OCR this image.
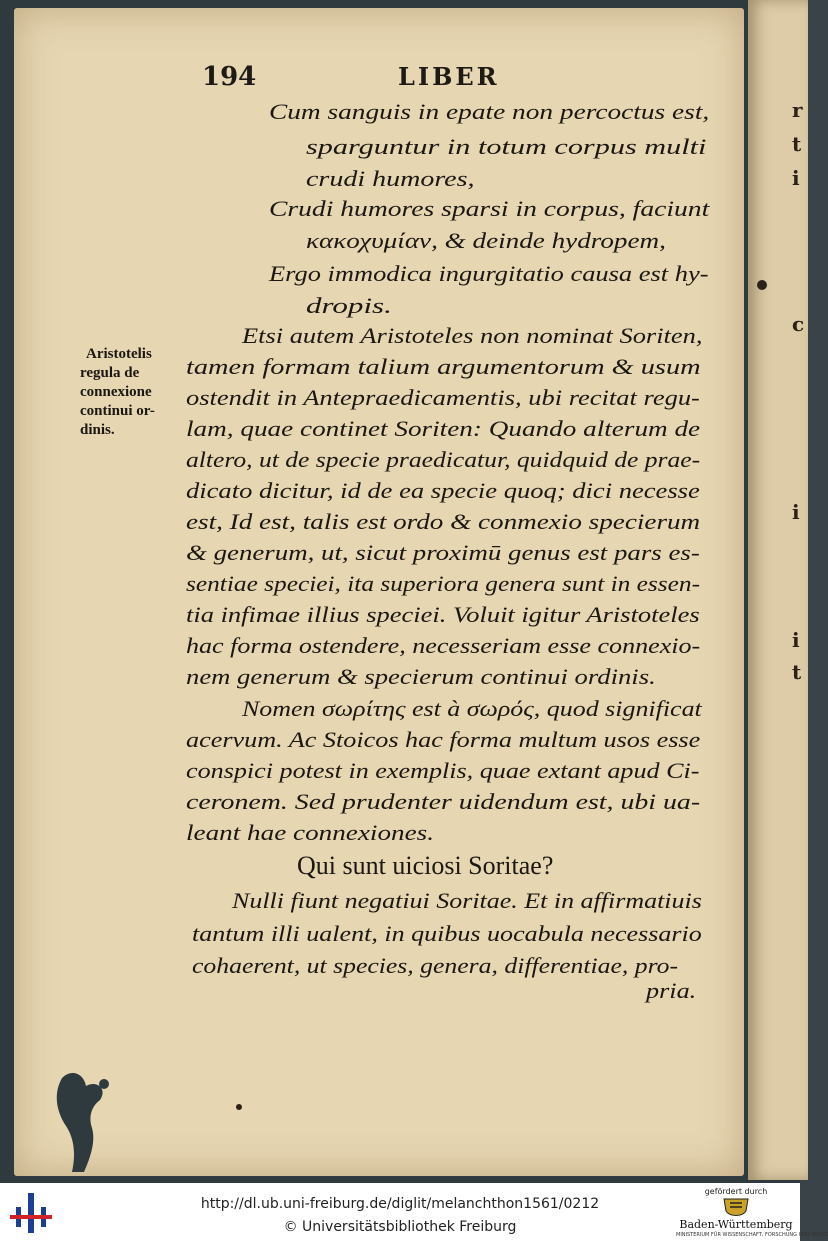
194	LIBER
Cum sanguis in epate non percoctus est,
sparguntur in totum corpus multi
crudi humores,
Crudi humores sparsi in corpus, faciunt
κακοχυμίαν, & deinde hydropem,
Ergo immodica ingurgitatio causa est hy-
dropis.
Etsi autem Aristoteles non nominat Soriten,
tamen formam talium argumentorum & usum
ostendit in Antepraedicamentis, ubi recitat regu-
lam, quae continet Soriten: Quando alterum de
altero, ut de specie praedicatur, quidquid de prae-
dicato dicitur, id de ea specie quoq; dici necesse
est, Id est, talis est ordo & conmexio specierum
& generum, ut, sicut proximū genus est pars es-
sentiae speciei, ita superiora genera sunt in essen-
tia infimae illius speciei. Voluit igitur Aristoteles
hac forma ostendere, necesseriam esse connexio-
nem generum & specierum continui ordinis.
Nomen σωρίτης est à σωρός, quod significat
acervum. Ac Stoicos hac forma multum usos esse
conspici potest in exemplis, quae extant apud Ci-
ceronem. Sed prudenter uidendum est, ubi ua-
leant hae connexiones.
Aristotelis
regula de
connexione
continui or-
dinis.
Qui sunt uiciosi Soritae?
Nulli fiunt negatiui Soritae. Et in affirmatiuis
tantum illi ualent, in quibus uocabula necessario
cohaerent, ut species, genera, differentiae, pro-
pria.
r
t
i
c
i
i
t
http://dl.ub.uni-freiburg.de/diglit/melanchthon1561/0212
© Universitätsbibliothek Freiburg
gefördert durch
Baden-Württemberg
MINISTERIUM FÜR WISSENSCHAFT, FORSCHUNG UND KUNST
